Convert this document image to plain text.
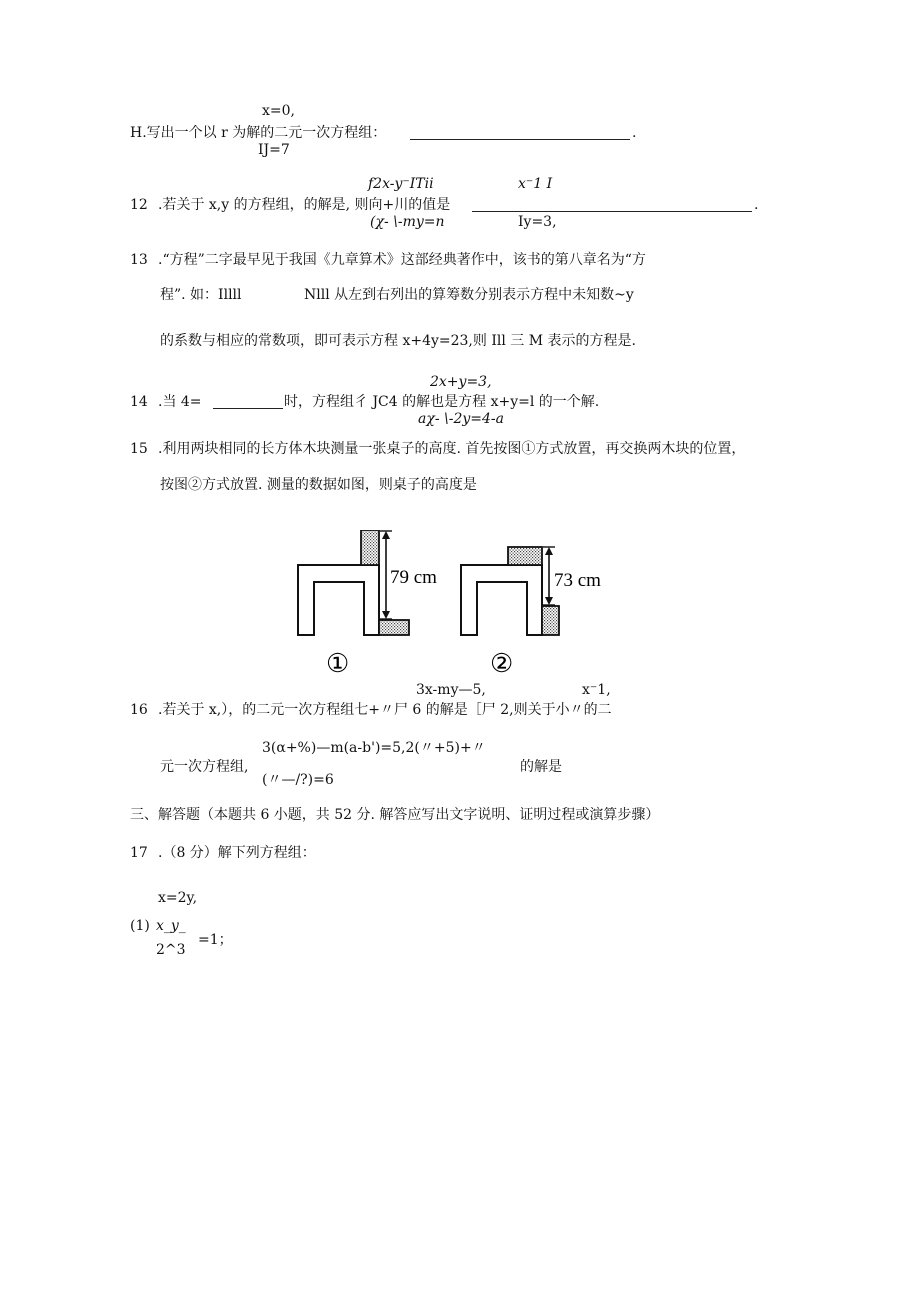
x=0,
H.写出一个以 r 为解的二元一次方程组：	.
IJ=7
f2x-y⁻ITii	x⁻1 I
12 .若关于 x,y 的方程组，的解是, 则向+川的值是	.
(χ- \-my=n	Iy=3,
13 .“方程”二字最早见于我国《九章算术》这部经典著作中，该书的第八章名为“方
程”. 如：Illll	Nlll 从左到右列出的算筹数分别表示方程中未知数~y
的系数与相应的常数项，即可表示方程 x+4y=23,则 Ill 三 M 表示的方程是.
2x+y=3,
14 .当 4=	时，方程组彳 JC4 的解也是方程 x+y=l 的一个解.
aχ- \-2y=4-a
15 .利用两块相同的长方体木块测量一张桌子的高度. 首先按图①方式放置，再交换两木块的位置，
按图②方式放置. 测量的数据如图，则桌子的高度是
79 cm
①
73 cm
②
3x-my—5,	x⁻1,
16 .若关于 x,），的二元一次方程组七+〃尸 6 的解是［尸 2,则关于小〃的二
3(α+%)—m(a-b')=5,2(〃+5)+〃
元一次方程组,	的解是
(〃—/?)=6
三、解答题（本题共 6 小题，共 52 分. 解答应写出文字说明、证明过程或演算步骤）
17 .（8 分）解下列方程组：
x=2y,
(1) x_y_
=1；
2^3
